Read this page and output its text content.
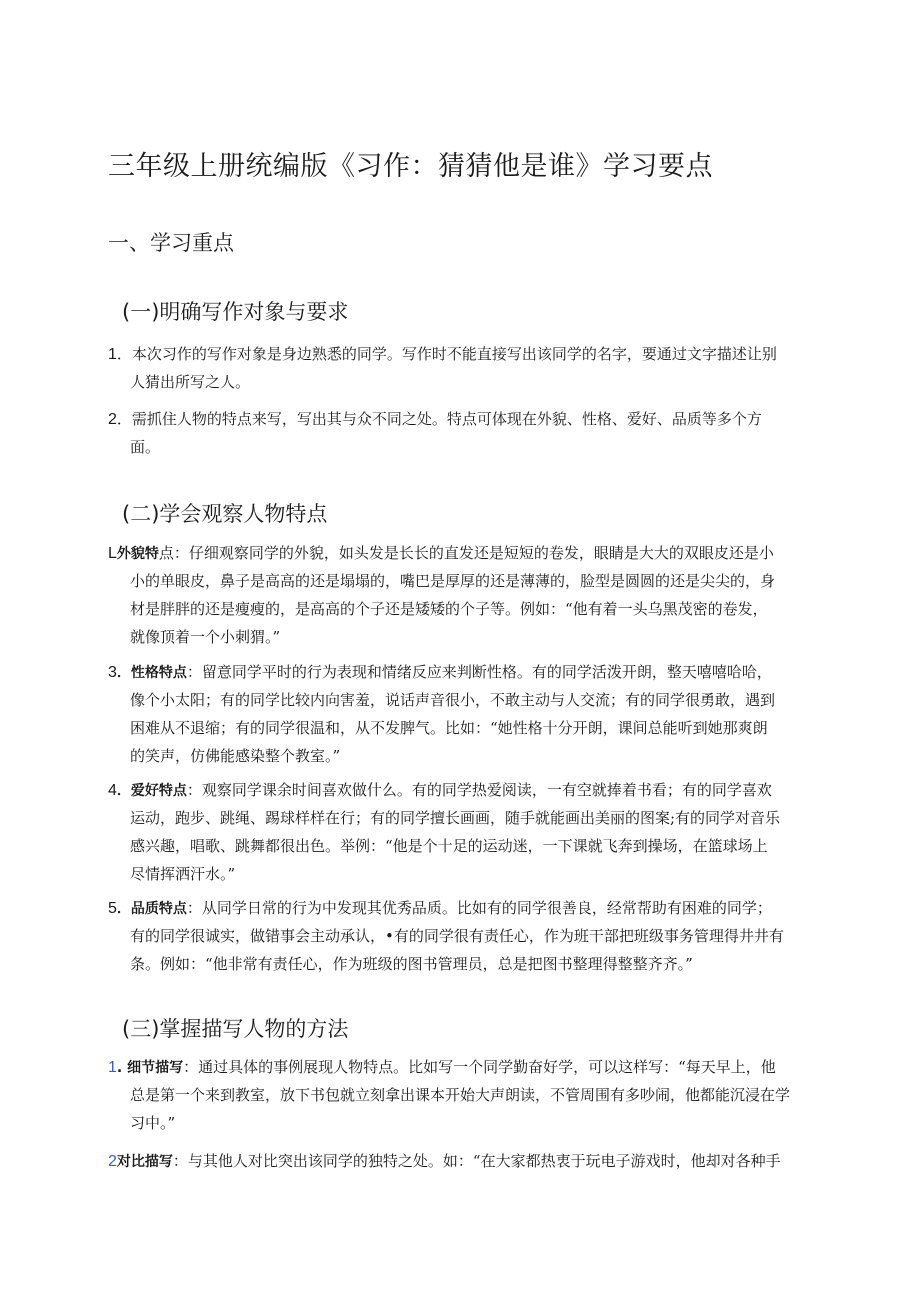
三年级上册统编版《习作：猜猜他是谁》学习要点
一、学习重点
(一)明确写作对象与要求
1．本次习作的写作对象是身边熟悉的同学。写作时不能直接写出该同学的名字，要通过文字描述让别
人猜出所写之人。
2．需抓住人物的特点来写，写出其与众不同之处。特点可体现在外貌、性格、爱好、品质等多个方
面。
(二)学会观察人物特点
L外貌特点：仔细观察同学的外貌，如头发是长长的直发还是短短的卷发，眼睛是大大的双眼皮还是小
小的单眼皮，鼻子是高高的还是塌塌的，嘴巴是厚厚的还是薄薄的，脸型是圆圆的还是尖尖的，身
材是胖胖的还是瘦瘦的，是高高的个子还是矮矮的个子等。例如：“他有着一头乌黑茂密的卷发，
就像顶着一个小刺猬。”
3．性格特点：留意同学平时的行为表现和情绪反应来判断性格。有的同学活泼开朗，整天嘻嘻哈哈，
像个小太阳；有的同学比较内向害羞，说话声音很小，不敢主动与人交流；有的同学很勇敢，遇到
困难从不退缩；有的同学很温和，从不发脾气。比如：“她性格十分开朗，课间总能听到她那爽朗
的笑声，仿佛能感染整个教室。”
4．爱好特点：观察同学课余时间喜欢做什么。有的同学热爱阅读，一有空就捧着书看；有的同学喜欢
运动，跑步、跳绳、踢球样样在行；有的同学擅长画画，随手就能画出美丽的图案;有的同学对音乐
感兴趣，唱歌、跳舞都很出色。举例：“他是个十足的运动迷，一下课就飞奔到操场，在篮球场上
尽情挥洒汗水。”
5．品质特点：从同学日常的行为中发现其优秀品质。比如有的同学很善良，经常帮助有困难的同学；
有的同学很诚实，做错事会主动承认，•有的同学很有责任心，作为班干部把班级事务管理得井井有
条。例如：“他非常有责任心，作为班级的图书管理员，总是把图书整理得整整齐齐。”
(三)掌握描写人物的方法
1. 细节描写：通过具体的事例展现人物特点。比如写一个同学勤奋好学，可以这样写：“每天早上，他
总是第一个来到教室，放下书包就立刻拿出课本开始大声朗读，不管周围有多吵闹，他都能沉浸在学
习中。”
2对比描写：与其他人对比突出该同学的独特之处。如：“在大家都热衷于玩电子游戏时，他却对各种手
